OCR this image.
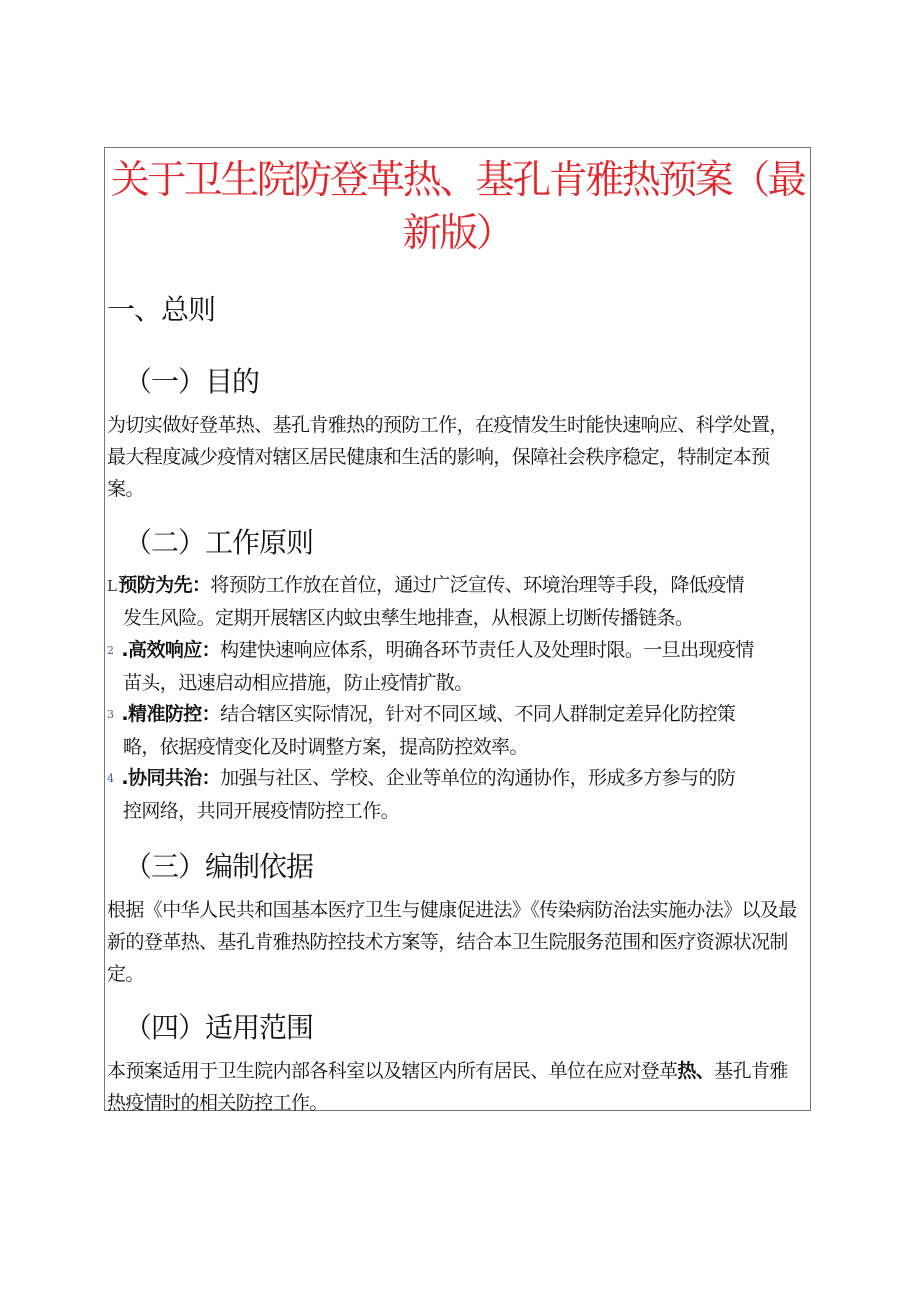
关于卫生院防登革热、基孔肯雅热预案（最新版）
一、总则
（一）目的

为切实做好登革热、基孔肯雅热的预防工作，在疫情发生时能快速响应、科学处置，最大程度减少疫情对辖区居民健康和生活的影响，保障社会秩序稳定，特制定本预案。

（二）工作原则
L 预防为先：将预防工作放在首位，通过广泛宣传、环境治理等手段，降低疫情
发生风险。定期开展辖区内蚊虫孳生地排查，从根源上切断传播链条。
2 .高效响应：构建快速响应体系，明确各环节责任人及处理时限。一旦出现疫情
苗头，迅速启动相应措施，防止疫情扩散。
3 .精准防控：结合辖区实际情况，针对不同区域、不同人群制定差异化防控策
略，依据疫情变化及时调整方案，提高防控效率。
4 .协同共治：加强与社区、学校、企业等单位的沟通协作，形成多方参与的防
控网络，共同开展疫情防控工作。
（三）编制依据

根据《中华人民共和国基本医疗卫生与健康促进法》《传染病防治法实施办法》以及最新的登革热、基孔肯雅热防控技术方案等，结合本卫生院服务范围和医疗资源状况制定。

（四）适用范围

本预案适用于卫生院内部各科室以及辖区内所有居民、单位在应对登革热、基孔肯雅热疫情时的相关防控工作。
